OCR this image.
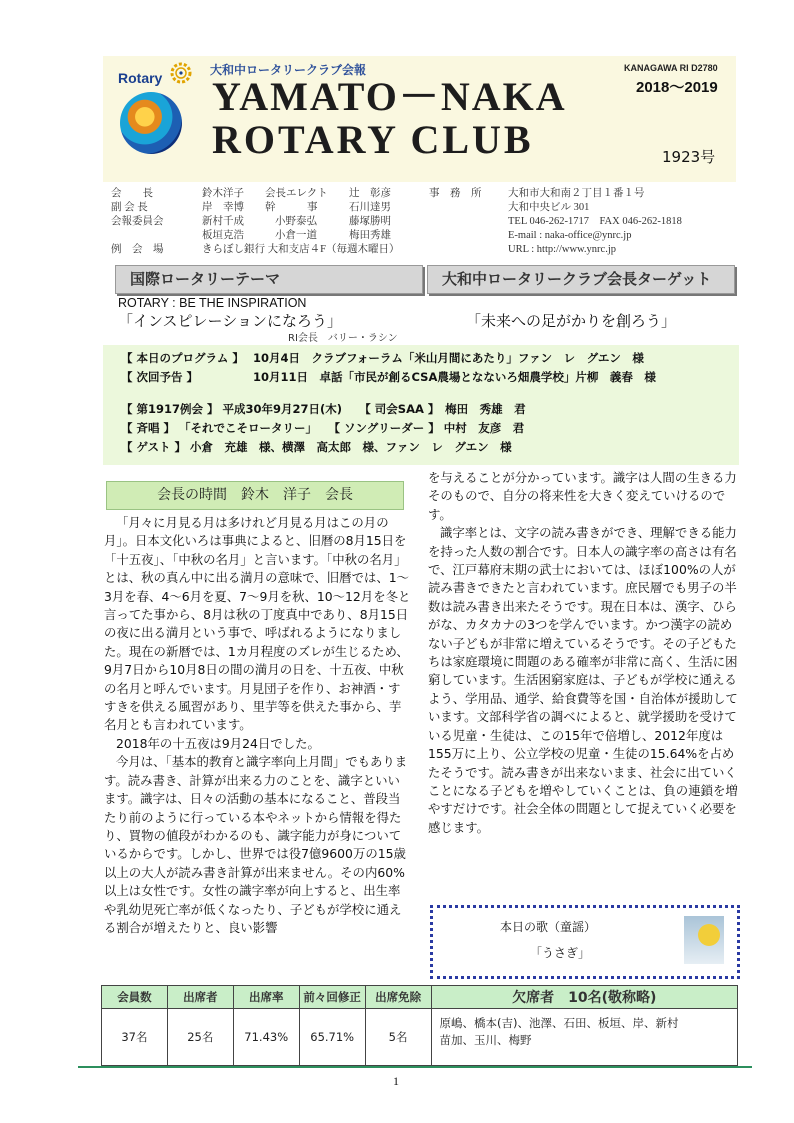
Rotary	大和中ロータリークラブ会報	KANAGAWA RI D2780
2018～2019
YAMATO－NAKA
ROTARY CLUB	1923号
会　　長	鈴木洋子 会長エレクト 辻　彰彦	事　務　所	大和市大和南２丁目１番１号
副 会 長	岸　幸博 幹　　　事	石川達男	大和中央ビル 301
会報委員会	新村千成	小野泰弘	藤塚勝明	TEL 046-262-1717　FAX 046-262-1818
板垣克浩	小倉一道	梅田秀雄	E-mail : naka-office@ynrc.jp
例　会　場	きらぼし銀行 大和支店４F（毎週木曜日）	URL : http://www.ynrc.jp
国際ロータリーテーマ	大和中ロータリークラブ会長ターゲット
ROTARY : BE THE INSPIRATION
「インスピレーションになろう」
RI会長　バリー・ラシン
「未来への足がかりを創ろう」
【 本日のプログラム 】 10月4日　クラブフォーラム「米山月間にあたり」ファン　レ　グエン　様
【 次回予告 】	10月11日　卓話「市民が創るCSA農場となないろ畑農学校」片柳　義春　様
【 第1917例会 】 平成30年9月27日(木)　　【 司会SAA 】　梅田　秀雄　君
【 斉唱 】 「それでこそロータリー」　　【 ソングリーダー 】 中村　友彦　君
【 ゲスト 】 小倉　充雄　様、横澤　高太郎　様、ファン　レ　グエン　様
会長の時間　鈴木　洋子　会長

「月々に月見る月は多けれど月見る月はこの月の月」。日本文化いろは事典によると、旧暦の8月15日を「十五夜」、「中秋の名月」と言います。「中秋の名月」とは、秋の真ん中に出る満月の意味で、旧暦では、1～3月を春、4～6月を夏、7～9月を秋、10～12月を冬と言ってた事から、8月は秋の丁度真中であり、8月15日の夜に出る満月という事で、呼ばれるようになりました。現在の新暦では、1カ月程度のズレが生じるため、9月7日から10月8日の間の満月の日を、十五夜、中秋の名月と呼んでいます。月見団子を作り、お神酒・すすきを供える風習があり、里芋等を供えた事から、芋名月とも言われています。

2018年の十五夜は9月24日でした。

今月は、「基本的教育と識字率向上月間」でもあります。読み書き、計算が出来る力のことを、識字といいます。識字は、日々の活動の基本になること、普段当たり前のように行っている本やネットから情報を得たり、買物の値段がわかるのも、識字能力が身についているからです。しかし、世界では役7億9600万の15歳以上の大人が読み書き計算が出来ません。その内60%以上は女性です。女性の識字率が向上すると、出生率や乳幼児死亡率が低くなったり、子どもが学校に通える割合が増えたりと、良い影響

を与えることが分かっています。識字は人間の生きる力そのもので、自分の将来性を大きく変えていけるのです。

識字率とは、文字の読み書きができ、理解できる能力を持った人数の割合です。日本人の識字率の高さは有名で、江戸幕府末期の武士においては、ほぼ100%の人が読み書きできたと言われています。庶民層でも男子の半数は読み書き出来たそうです。現在日本は、漢字、ひらがな、カタカナの3つを学んでいます。かつ漢字の読めない子どもが非常に増えているそうです。その子どもたちは家庭環境に問題のある確率が非常に高く、生活に困窮しています。生活困窮家庭は、子どもが学校に通えるよう、学用品、通学、給食費等を国・自治体が援助しています。文部科学省の調べによると、就学援助を受けている児童・生徒は、この15年で倍増し、2012年度は155万に上り、公立学校の児童・生徒の15.64%を占めたそうです。読み書きが出来ないまま、社会に出ていくことになる子どもを増やしていくことは、負の連鎖を増やすだけです。社会全体の問題として捉えていく必要を感じます。

本日の歌（童謡）
「うさぎ」
会員数	出席者	出席率	前々回修正	出席免除	欠席者　10名(敬称略)
37名	25名	71.43%	65.71%	5名	原嶋、橋本(吉)、池澤、石田、板垣、岸、新村
苗加、玉川、梅野
1
